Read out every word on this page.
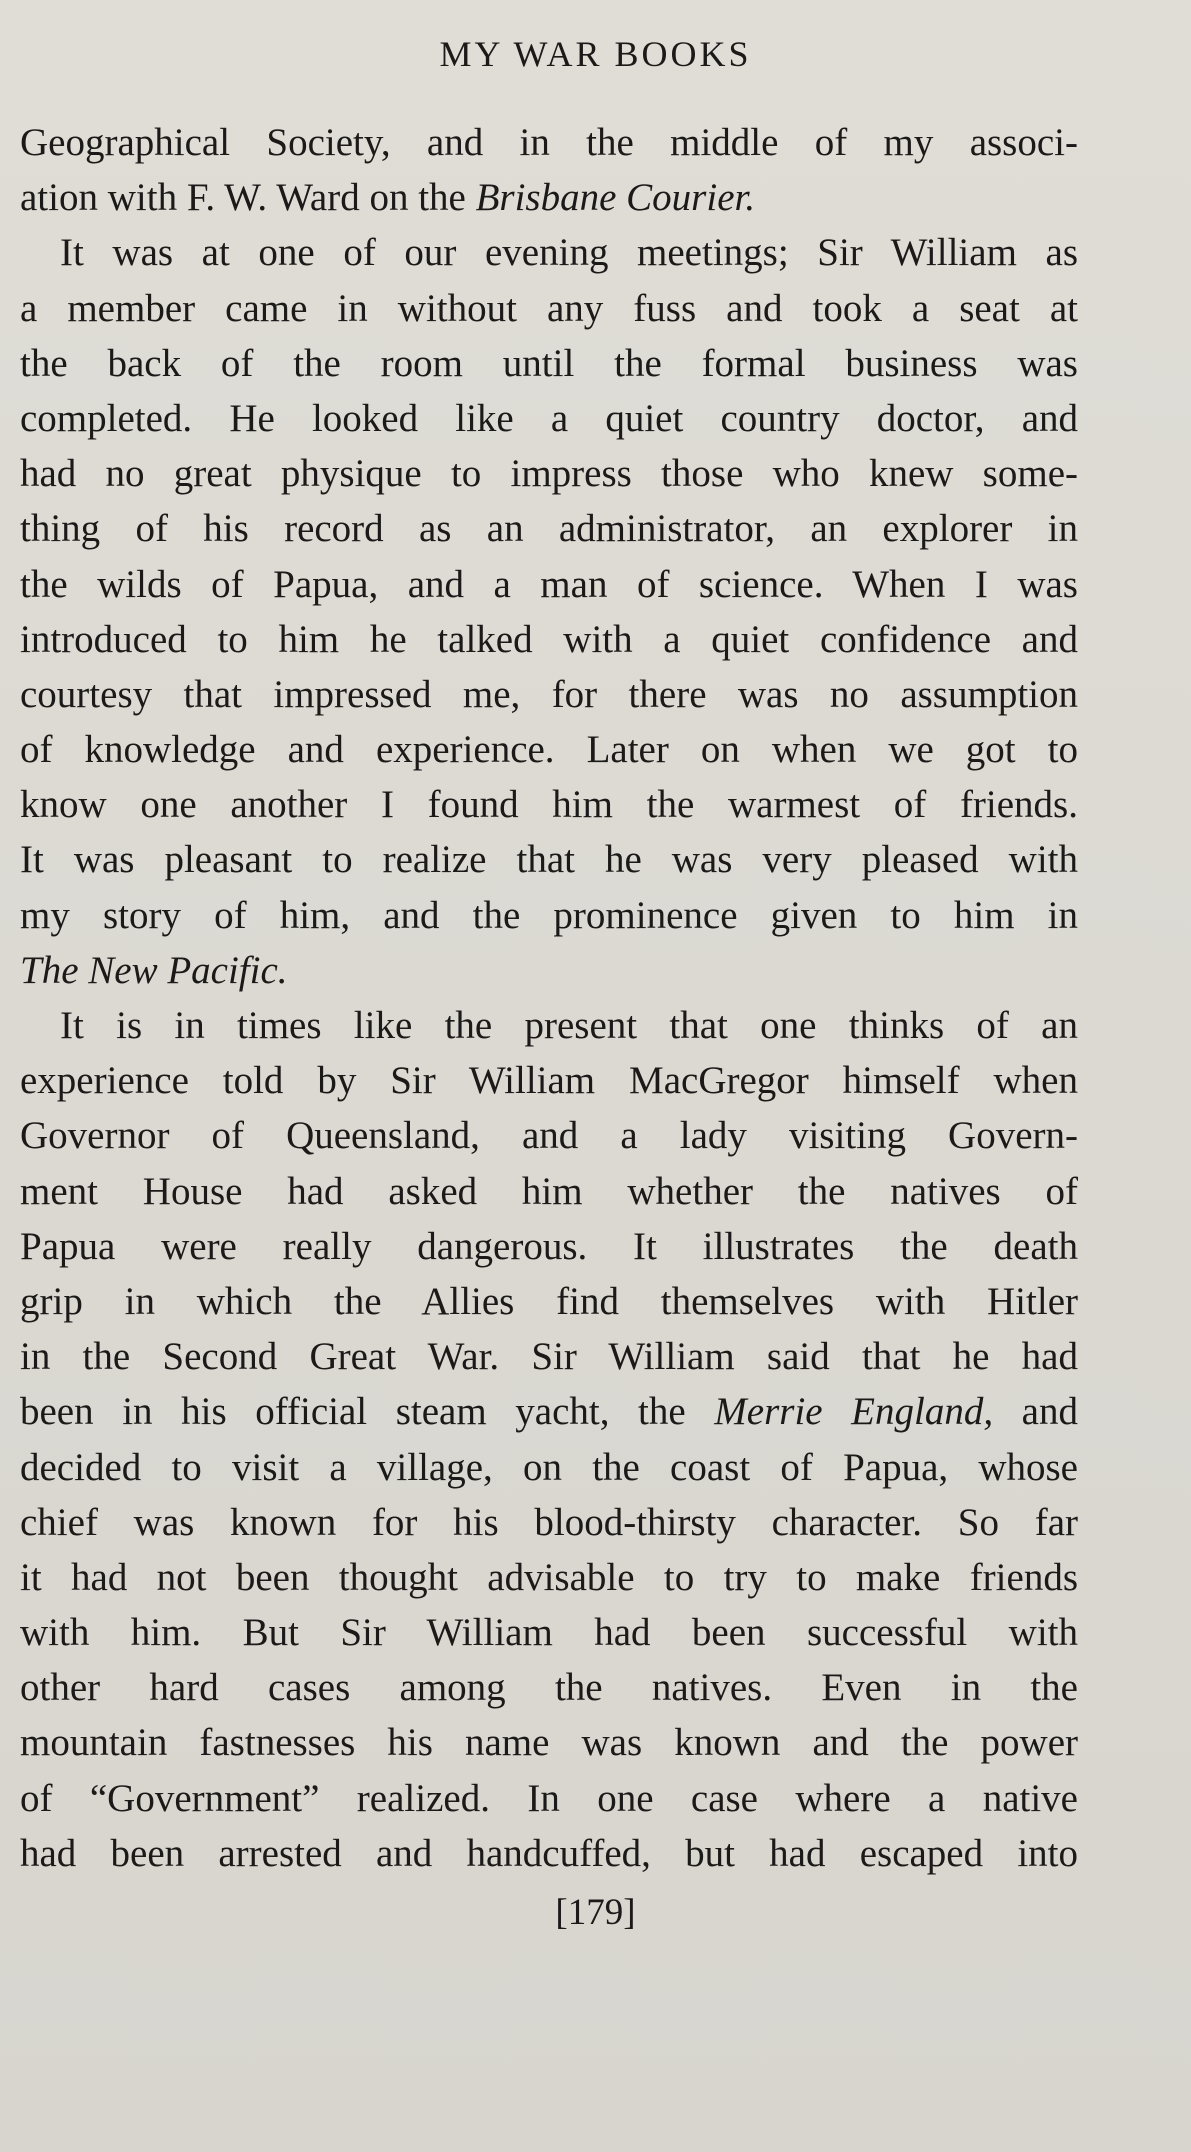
MY WAR BOOKS
Geographical Society, and in the middle of my associ-
ation with F. W. Ward on the Brisbane Courier.
It was at one of our evening meetings; Sir William as
a member came in without any fuss and took a seat at
the back of the room until the formal business was
completed. He looked like a quiet country doctor, and
had no great physique to impress those who knew some-
thing of his record as an administrator, an explorer in
the wilds of Papua, and a man of science. When I was
introduced to him he talked with a quiet confidence and
courtesy that impressed me, for there was no assumption
of knowledge and experience. Later on when we got to
know one another I found him the warmest of friends.
It was pleasant to realize that he was very pleased with
my story of him, and the prominence given to him in
The New Pacific.
It is in times like the present that one thinks of an
experience told by Sir William MacGregor himself when
Governor of Queensland, and a lady visiting Govern-
ment House had asked him whether the natives of
Papua were really dangerous. It illustrates the death
grip in which the Allies find themselves with Hitler
in the Second Great War. Sir William said that he had
been in his official steam yacht, the Merrie England, and
decided to visit a village, on the coast of Papua, whose
chief was known for his blood-thirsty character. So far
it had not been thought advisable to try to make friends
with him. But Sir William had been successful with
other hard cases among the natives. Even in the
mountain fastnesses his name was known and the power
of “Government” realized. In one case where a native
had been arrested and handcuffed, but had escaped into
[179]
